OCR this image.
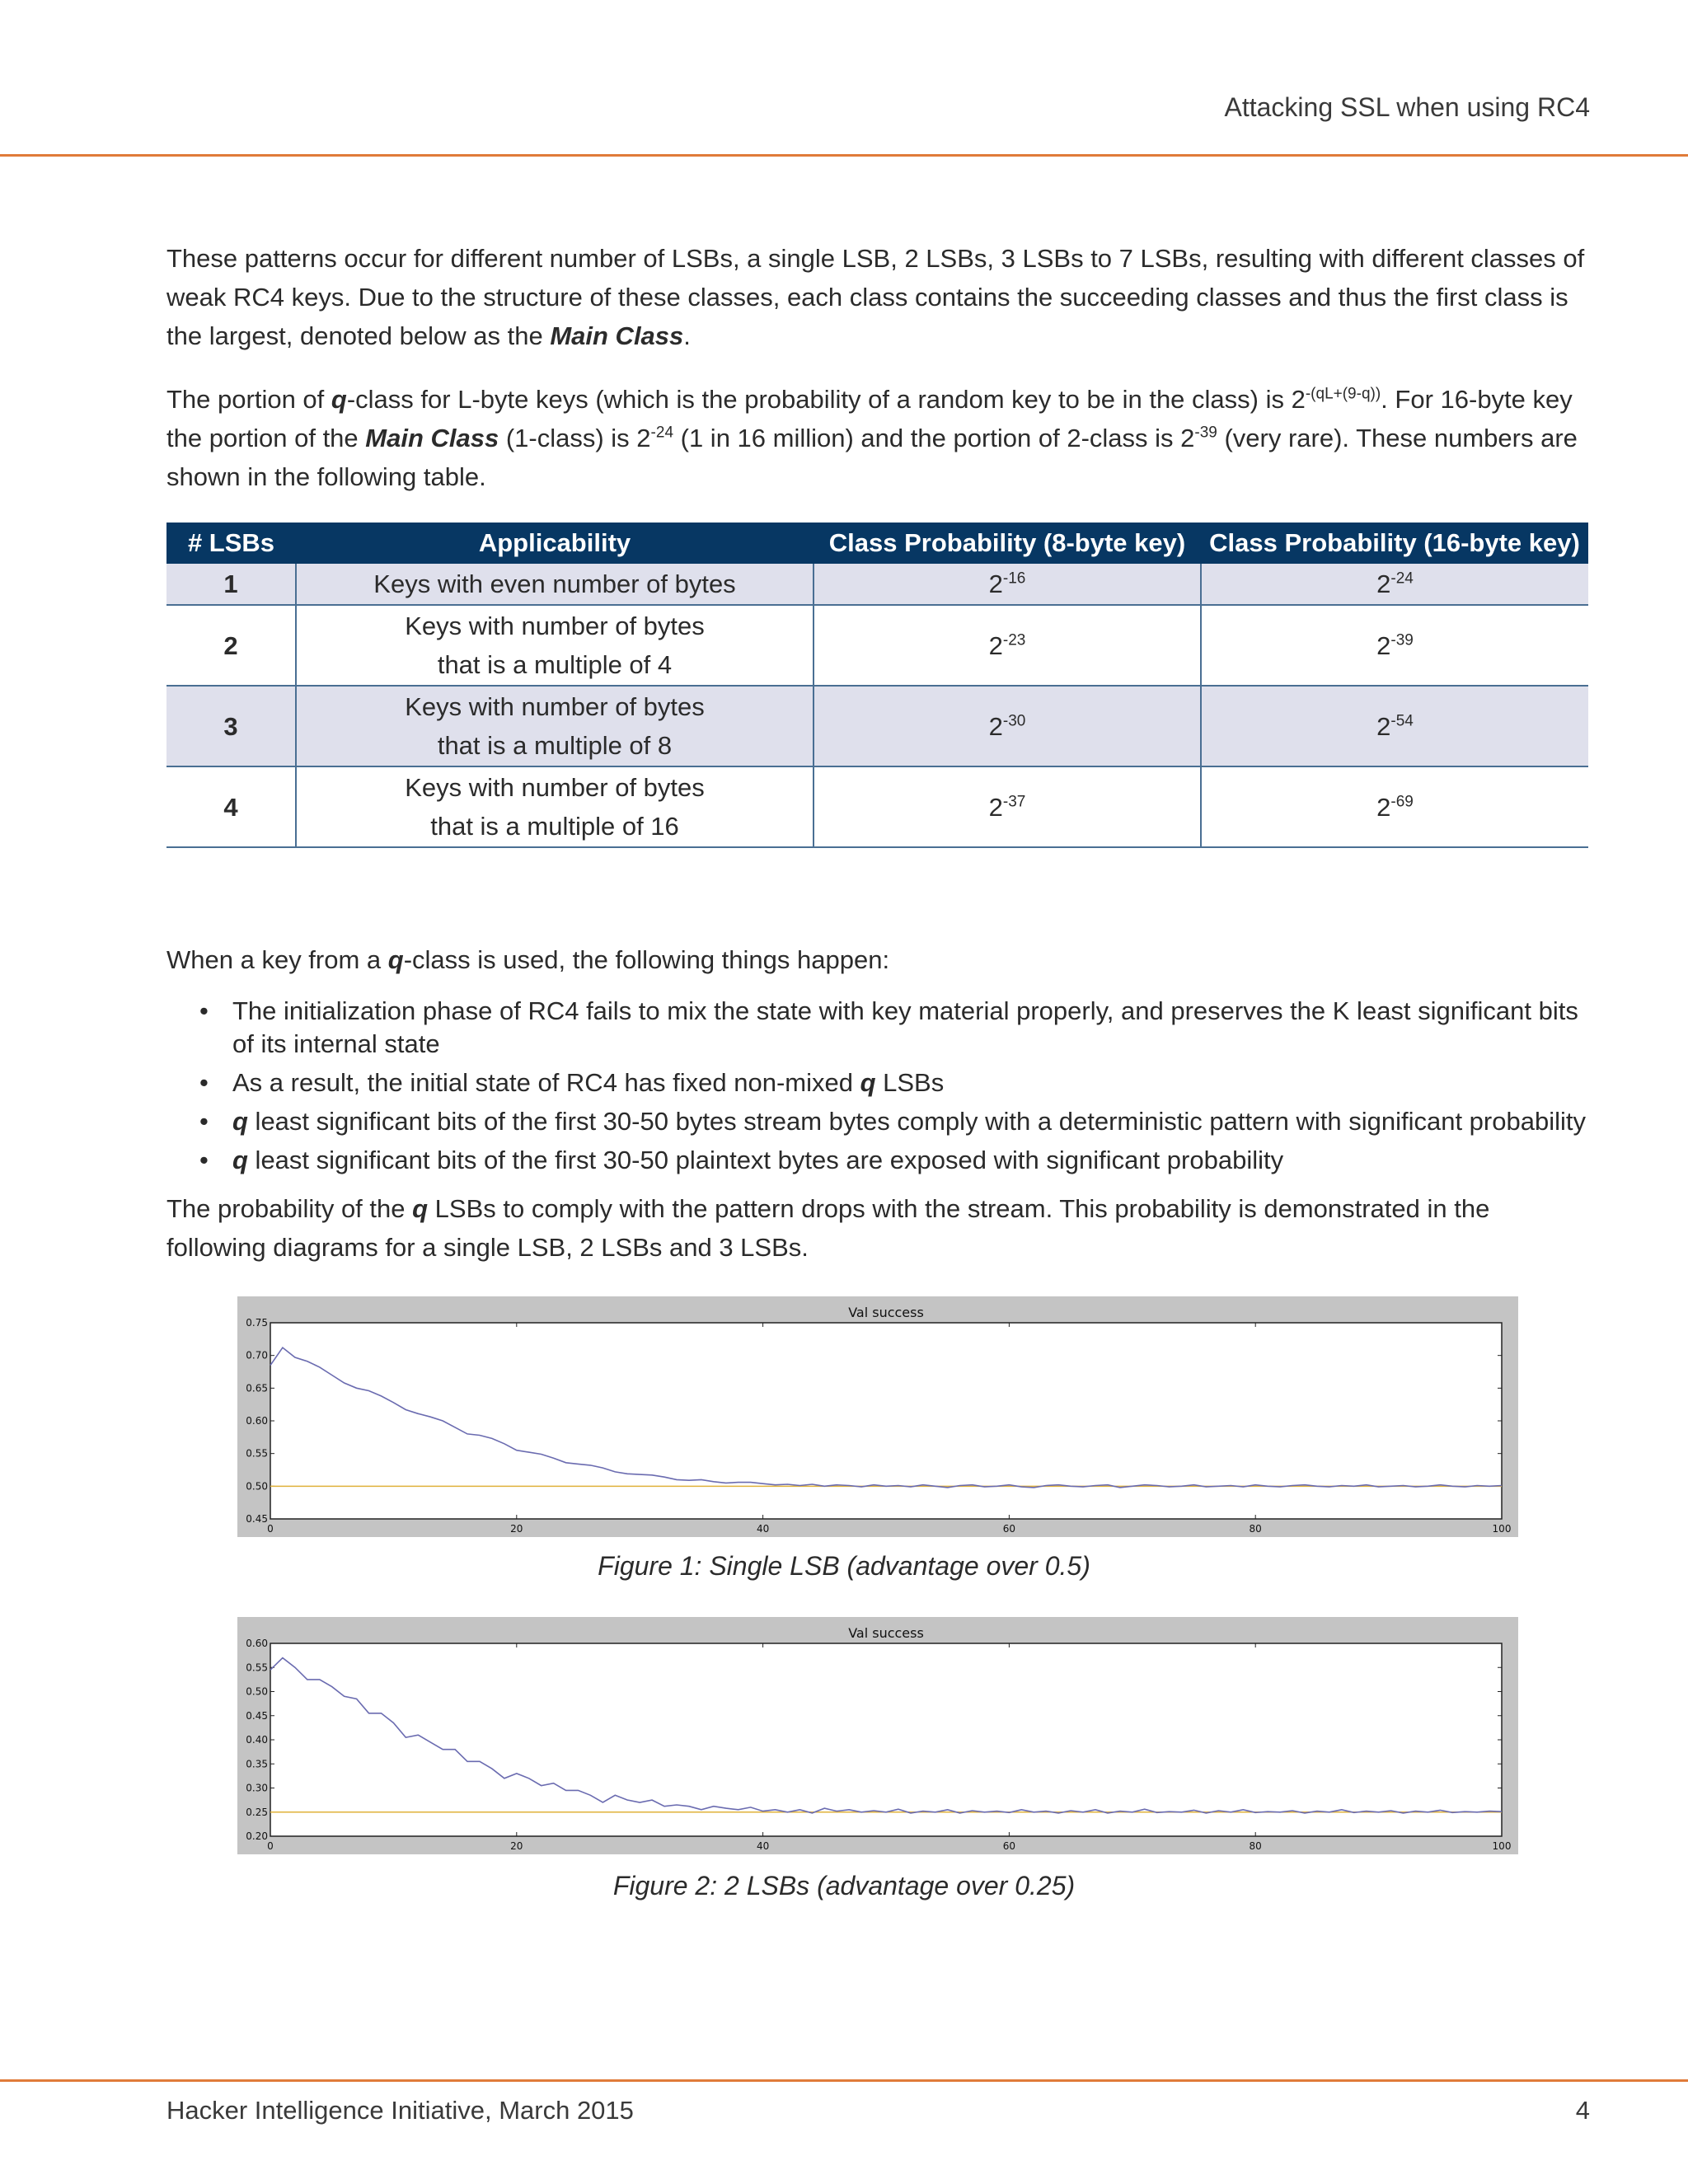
Attacking SSL when using RC4

These patterns occur for different number of LSBs, a single LSB, 2 LSBs, 3 LSBs to 7 LSBs, resulting with different classes of weak RC4 keys. Due to the structure of these classes, each class contains the succeeding classes and thus the first class is the largest, denoted below as the Main Class.

The portion of q-class for L-byte keys (which is the probability of a random key to be in the class) is $2^{-(qL+(9-q))}$. For 16-byte key the portion of the Main Class (1-class) is $2^{-24}$ (1 in 16 million) and the portion of 2-class is $2^{-39}$ (very rare). These numbers are shown in the following table.

# LSBs	Applicability	Class Probability (8-byte key)	Class Probability (16-byte key)
1	Keys with even number of bytes	$2^{-16}$	$2^{-24}$
2	Keys with number of bytes
that is a multiple of 4	$2^{-23}$	$2^{-39}$
3	Keys with number of bytes
that is a multiple of 8	$2^{-30}$	$2^{-54}$
4	Keys with number of bytes
that is a multiple of 16	$2^{-37}$	$2^{-69}$

When a key from a q-class is used, the following things happen:

• The initialization phase of RC4 fails to mix the state with key material properly, and preserves the K least significant bits of its internal state
• As a result, the initial state of RC4 has fixed non-mixed q LSBs
• q least significant bits of the first 30-50 bytes stream bytes comply with a deterministic pattern with significant probability
• q least significant bits of the first 30-50 plaintext bytes are exposed with significant probability

The probability of the q LSBs to comply with the pattern drops with the stream. This probability is demonstrated in the following diagrams for a single LSB, 2 LSBs and 3 LSBs.

Val success
0	20	40	60	80	100
0.45
0.50
0.55
0.60
0.65
0.70
0.75
Figure 1: Single LSB (advantage over 0.5)
Val success
0	20	40	60	80	100
0.20
0.25
0.30
0.35
0.40
0.45
0.50
0.55
0.60
Figure 2: 2 LSBs (advantage over 0.25)
Hacker Intelligence Initiative, March 2015	4
